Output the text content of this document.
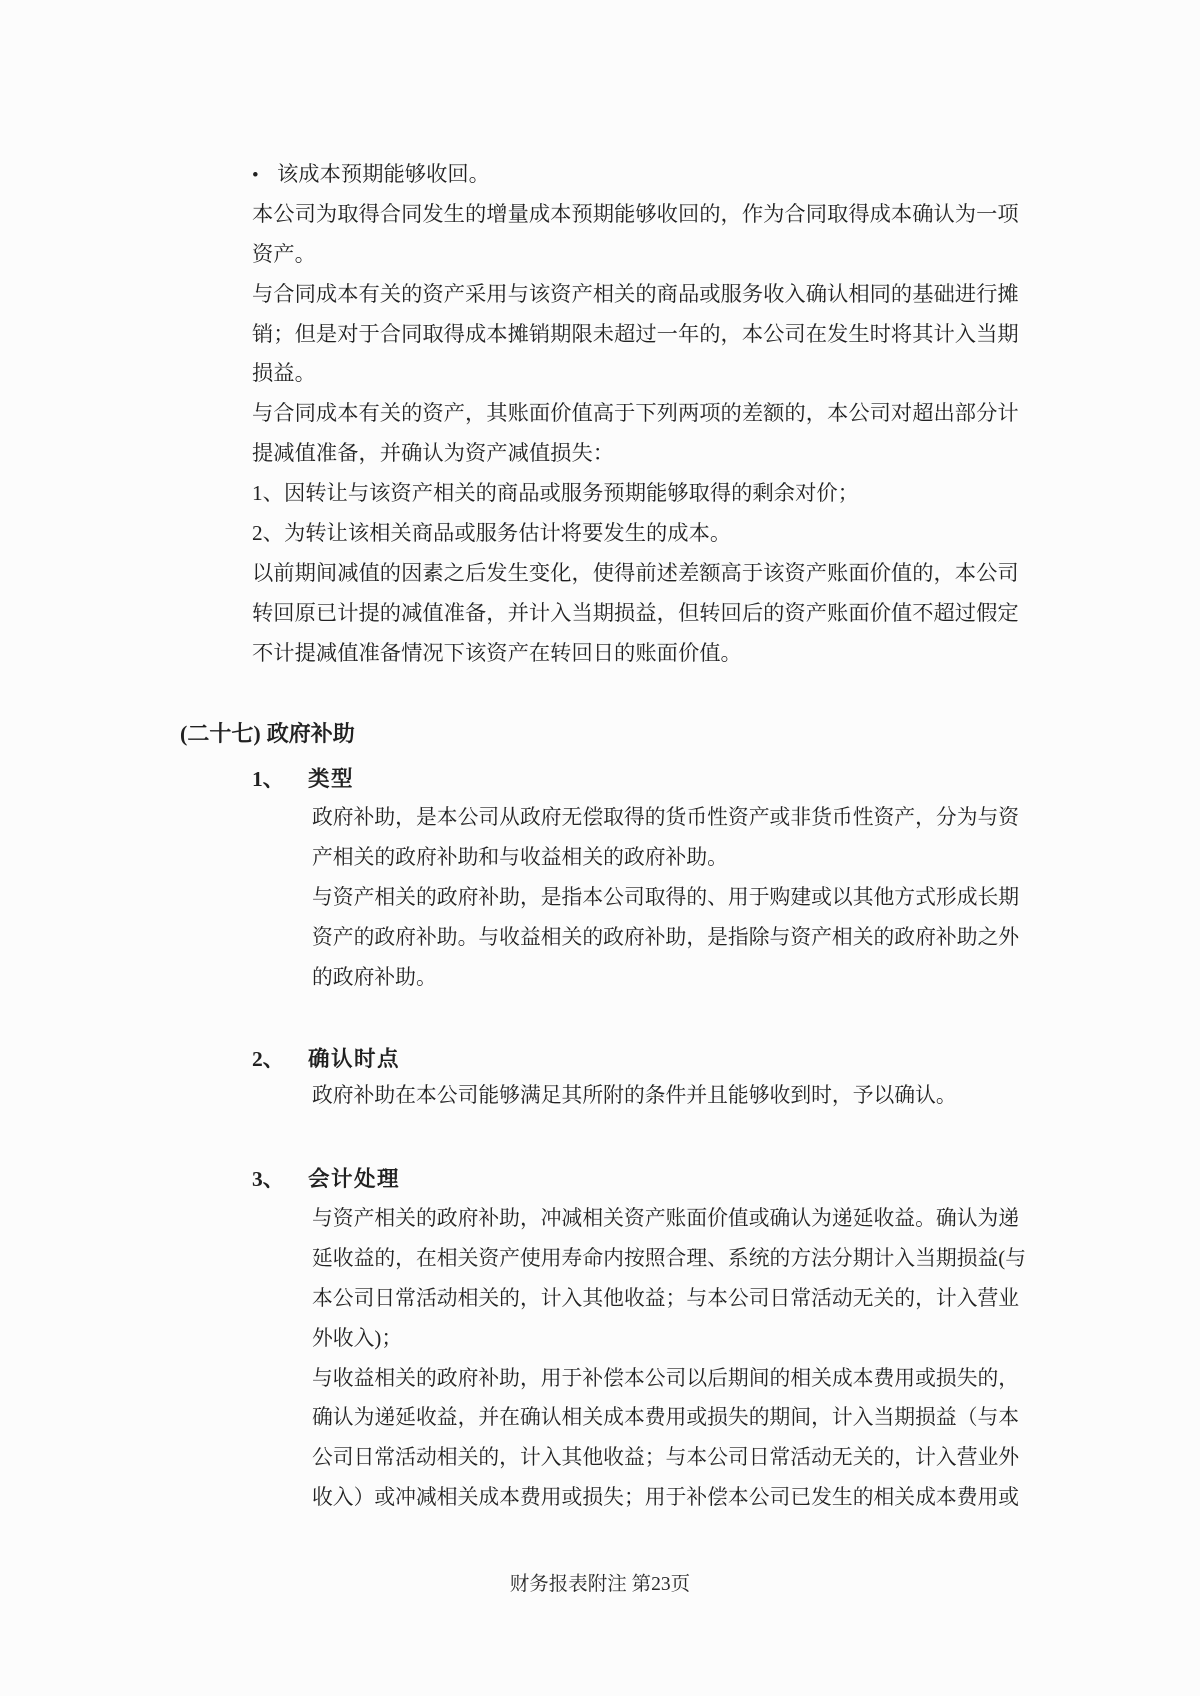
• 该成本预期能够收回。
本公司为取得合同发生的增量成本预期能够收回的，作为合同取得成本确认为一项
资产。
与合同成本有关的资产采用与该资产相关的商品或服务收入确认相同的基础进行摊
销；但是对于合同取得成本摊销期限未超过一年的，本公司在发生时将其计入当期
损益。
与合同成本有关的资产，其账面价值高于下列两项的差额的，本公司对超出部分计
提减值准备，并确认为资产减值损失：
1、因转让与该资产相关的商品或服务预期能够取得的剩余对价；
2、为转让该相关商品或服务估计将要发生的成本。
以前期间减值的因素之后发生变化，使得前述差额高于该资产账面价值的，本公司
转回原已计提的减值准备，并计入当期损益，但转回后的资产账面价值不超过假定
不计提减值准备情况下该资产在转回日的账面价值。
(二十七) 政府补助
1、 类型
政府补助，是本公司从政府无偿取得的货币性资产或非货币性资产，分为与资
产相关的政府补助和与收益相关的政府补助。
与资产相关的政府补助，是指本公司取得的、用于购建或以其他方式形成长期
资产的政府补助。与收益相关的政府补助，是指除与资产相关的政府补助之外
的政府补助。
2、 确认时点
政府补助在本公司能够满足其所附的条件并且能够收到时，予以确认。
3、 会计处理
与资产相关的政府补助，冲减相关资产账面价值或确认为递延收益。确认为递
延收益的，在相关资产使用寿命内按照合理、系统的方法分期计入当期损益(与
本公司日常活动相关的，计入其他收益；与本公司日常活动无关的，计入营业
外收入)；
与收益相关的政府补助，用于补偿本公司以后期间的相关成本费用或损失的，
确认为递延收益，并在确认相关成本费用或损失的期间，计入当期损益（与本
公司日常活动相关的，计入其他收益；与本公司日常活动无关的，计入营业外
收入）或冲减相关成本费用或损失；用于补偿本公司已发生的相关成本费用或
财务报表附注 第23页
